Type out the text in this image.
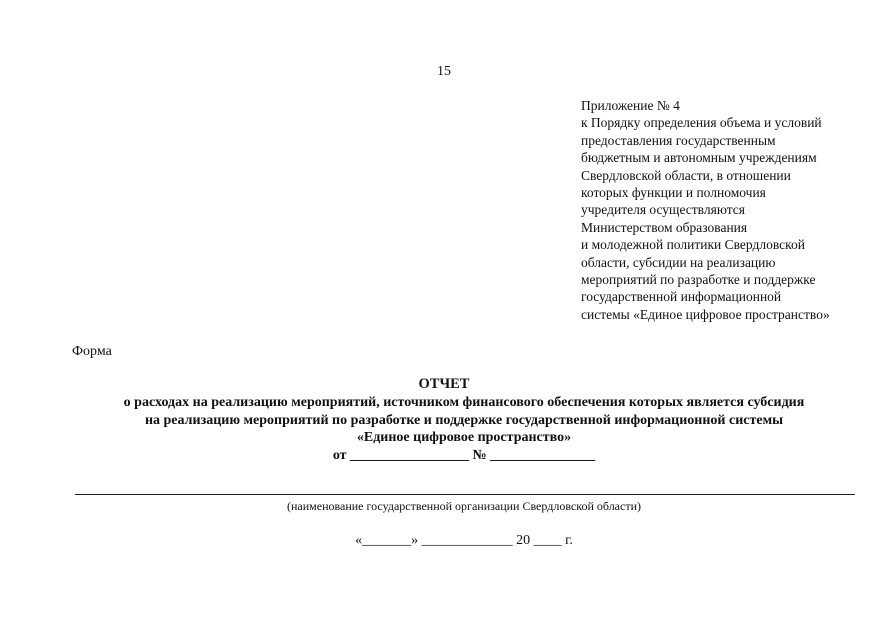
15
Приложение № 4
к Порядку определения объема и условий
предоставления государственным
бюджетным и автономным учреждениям
Свердловской области, в отношении
которых функции и полномочия
учредителя осуществляются
Министерством образования
и молодежной политики Свердловской
области, субсидии на реализацию
мероприятий по разработке и поддержке
государственной информационной
системы «Единое цифровое пространство»
Форма
ОТЧЕТ
о расходах на реализацию мероприятий, источником финансового обеспечения которых является субсидия
на реализацию мероприятий по разработке и поддержке государственной информационной системы
«Единое цифровое пространство»
от _________________ № _______________
(наименование государственной организации Свердловской области)
«_______» _____________ 20 ____ г.
